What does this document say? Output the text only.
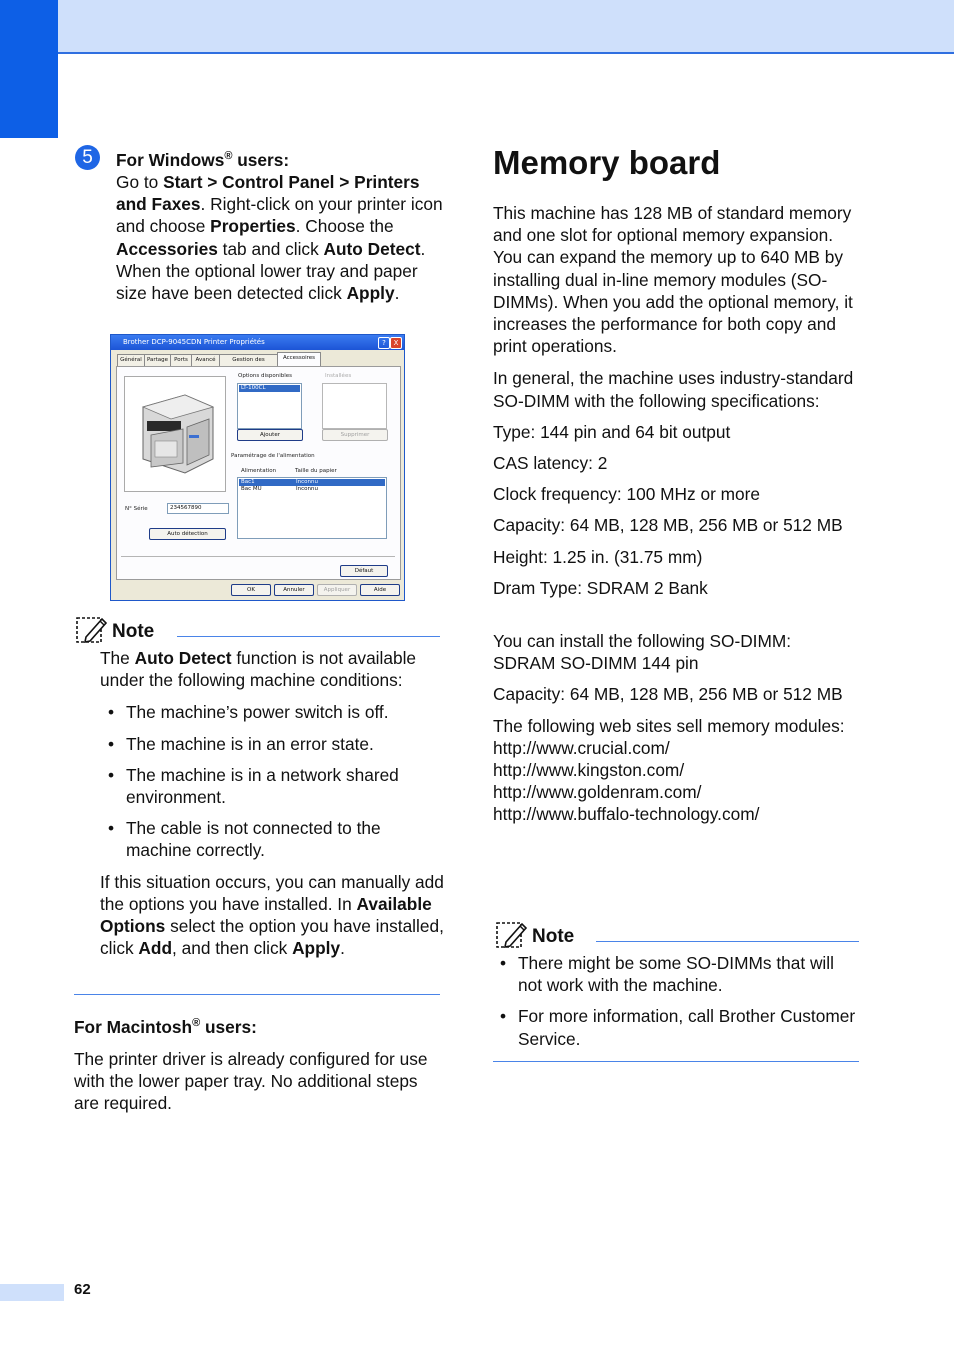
5	For Windows® users:

Go to Start > Control Panel > Printers and Faxes. Right-click on your printer icon and choose Properties. Choose the Accessories tab and click Auto Detect. When the optional lower tray and paper size have been detected click Apply.

Brother DCP-9045CDN Printer Propriétés	?	X
Général Partage	Ports	Avancé	Gestion des	Accessoires
N° Série	234567890
Auto détection
Options disponibles
LT-100CL
Installées
Ajouter	Supprimer
Paramétrage de l'alimentation
Alimentation	Taille du papier
Bac1	Inconnu
Bac MU	Inconnu
Défaut
OK	Annuler	Appliquer	Aide
Note

The Auto Detect function is not available under the following machine conditions:

• The machine’s power switch is off.
• The machine is in an error state.
• The machine is in a network shared environment.
• The cable is not connected to the machine correctly.

If this situation occurs, you can manually add the options you have installed. In Available Options select the option you have installed, click Add, and then click Apply.

For Macintosh® users:

The printer driver is already configured for use with the lower paper tray. No additional steps are required.

Memory board

This machine has 128 MB of standard memory and one slot for optional memory expansion. You can expand the memory up to 640 MB by installing dual in-line memory modules (SO-DIMMs). When you add the optional memory, it increases the performance for both copy and print operations.

In general, the machine uses industry-standard SO-DIMM with the following specifications:

Type: 144 pin and 64 bit output

CAS latency: 2

Clock frequency: 100 MHz or more

Capacity: 64 MB, 128 MB, 256 MB or 512 MB

Height: 1.25 in. (31.75 mm)

Dram Type: SDRAM 2 Bank

You can install the following SO-DIMM:

SDRAM SO-DIMM 144 pin

Capacity: 64 MB, 128 MB, 256 MB or 512 MB

The following web sites sell memory modules:

http://www.crucial.com/

http://www.kingston.com/

http://www.goldenram.com/

http://www.buffalo-technology.com/

Note
• There might be some SO-DIMMs that will not work with the machine.
• For more information, call Brother Customer Service.
62
